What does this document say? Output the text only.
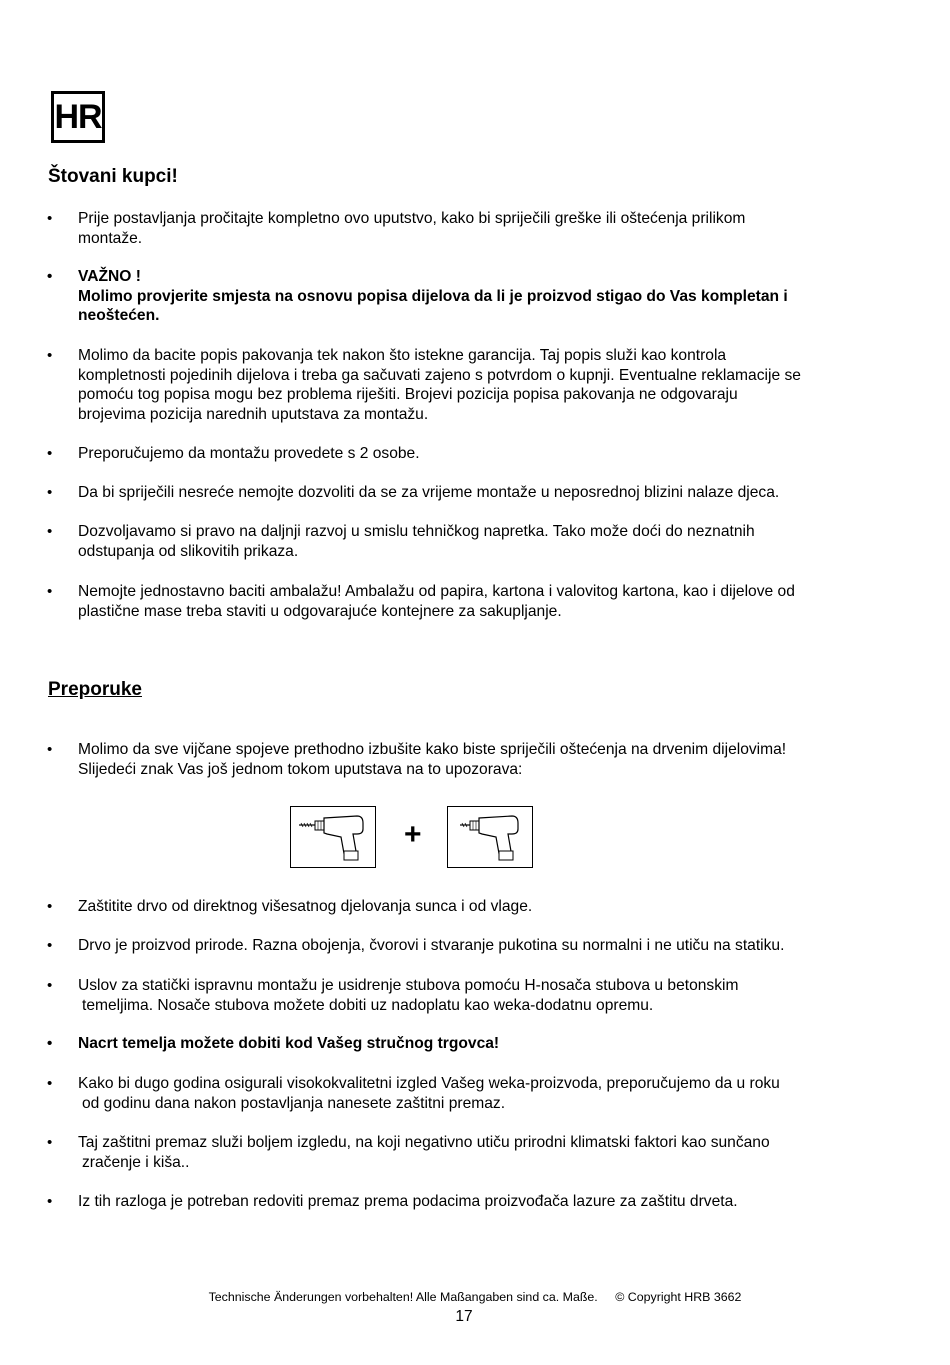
HR
Štovani kupci!
• Prije postavljanja pročitajte kompletno ovo uputstvo, kako bi spriječili greške ili oštećenja prilikom
montaže.
• VAŽNO !
Molimo provjerite smjesta na osnovu popisa dijelova da li je proizvod stigao do Vas kompletan i
neoštećen.
• Molimo da bacite popis pakovanja tek nakon što istekne garancija. Taj popis služi kao kontrola
kompletnosti pojedinih dijelova i treba ga sačuvati zajeno s potvrdom o kupnji. Eventualne reklamacije se
pomoću tog popisa mogu bez problema riješiti. Brojevi pozicija popisa pakovanja ne odgovaraju
brojevima pozicija narednih uputstava za montažu.
• Preporučujemo da montažu provedete s 2 osobe.
• Da bi spriječili nesreće nemojte dozvoliti da se za vrijeme montaže u neposrednoj blizini nalaze djeca.
• Dozvoljavamo si pravo na daljnji razvoj u smislu tehničkog napretka. Tako može doći do neznatnih
odstupanja od slikovitih prikaza.
• Nemojte jednostavno baciti ambalažu! Ambalažu od papira, kartona i valovitog kartona, kao i dijelove od
plastične mase treba staviti u odgovarajuće kontejnere za sakupljanje.
Preporuke
• Molimo da sve vijčane spojeve prethodno izbušite kako biste spriječili oštećenja na drvenim dijelovima!
Slijedeći znak Vas još jednom tokom uputstava na to upozorava:
+
• Zaštitite drvo od direktnog višesatnog djelovanja sunca i od vlage.
• Drvo je proizvod prirode. Razna obojenja, čvorovi i stvaranje pukotina su normalni i ne utiču na statiku.
• Uslov za statički ispravnu montažu je usidrenje stubova pomoću H-nosača stubova u betonskim
temeljima. Nosače stubova možete dobiti uz nadoplatu kao weka-dodatnu opremu.
• Nacrt temelja možete dobiti kod Vašeg stručnog trgovca!
• Kako bi dugo godina osigurali visokokvalitetni izgled Vašeg weka-proizvoda, preporučujemo da u roku
od godinu dana nakon postavljanja nanesete zaštitni premaz.
• Taj zaštitni premaz služi boljem izgledu, na koji negativno utiču prirodni klimatski faktori kao sunčano
zračenje i kiša..
• Iz tih razloga je potreban redoviti premaz prema podacima proizvođača lazure za zaštitu drveta.
Technische Änderungen vorbehalten! Alle Maßangaben sind ca. Maße. © Copyright HRB 3662
17
